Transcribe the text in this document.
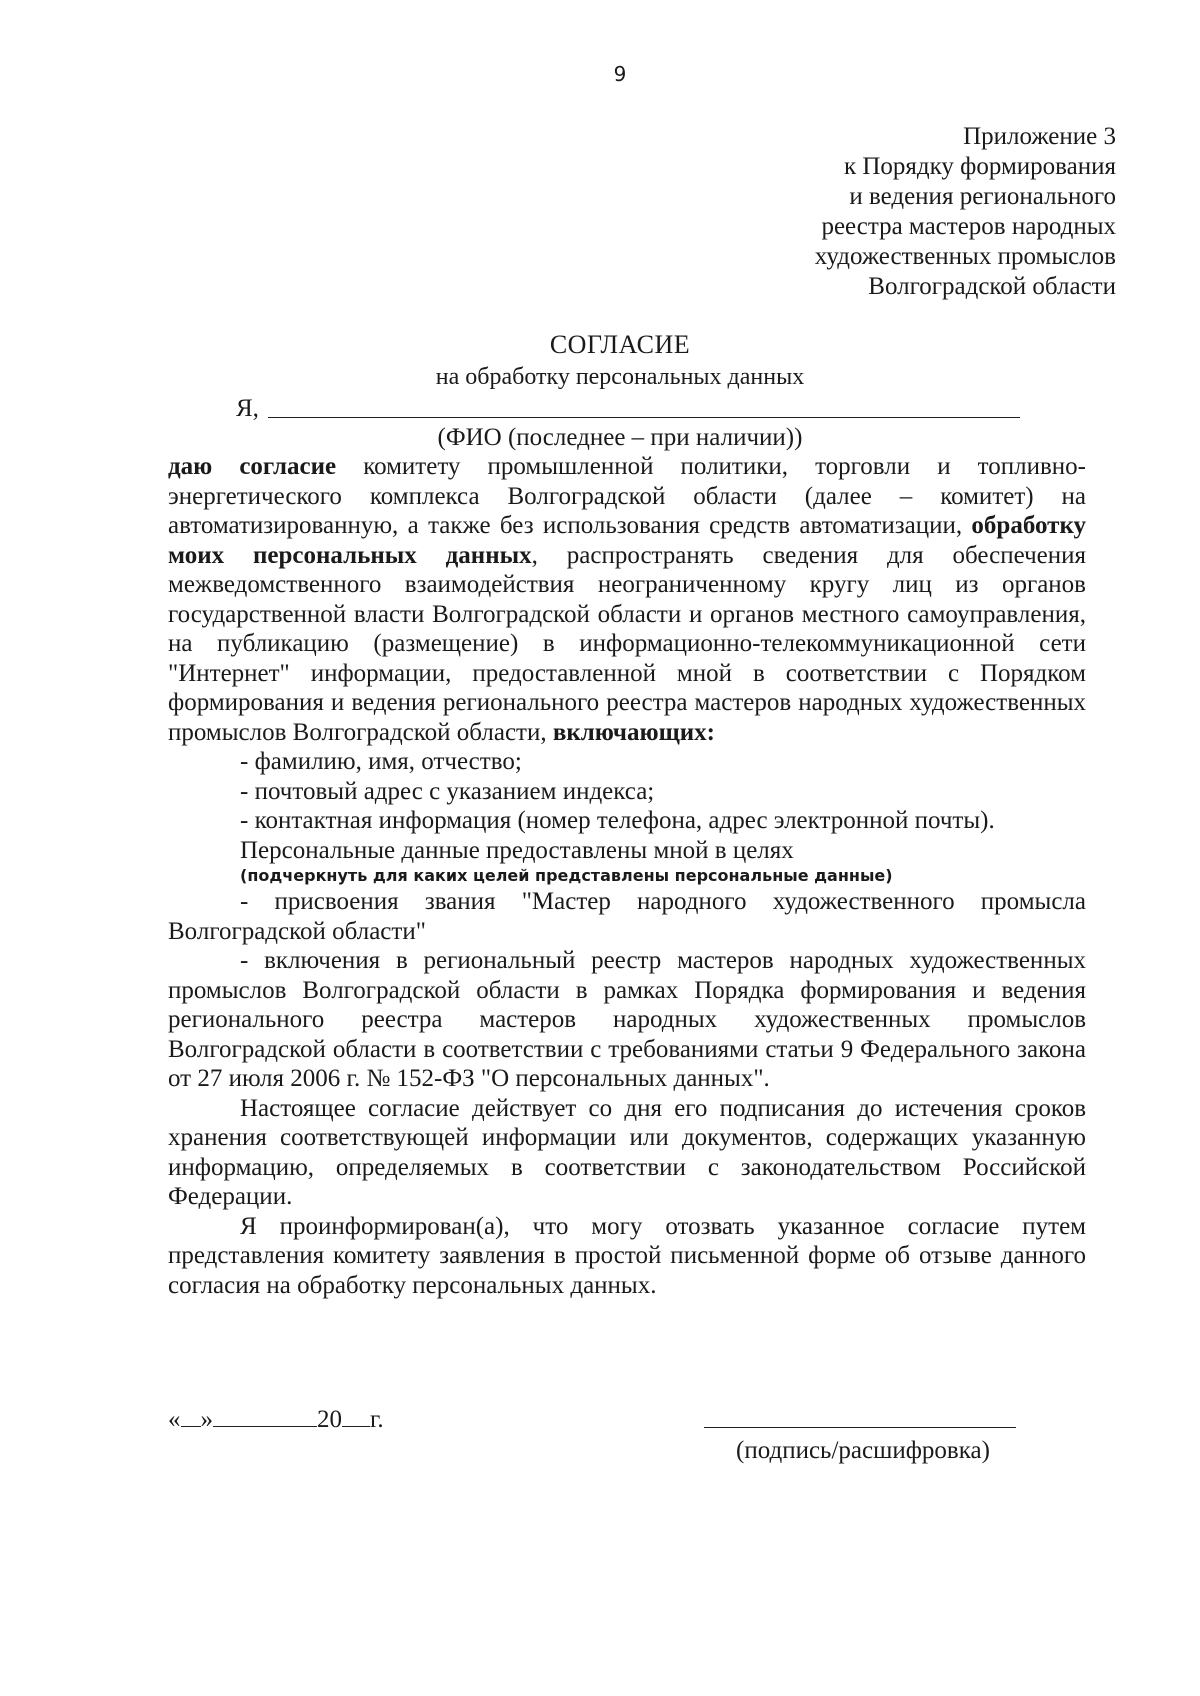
9
Приложение 3
к Порядку формирования
и ведения регионального
реестра мастеров народных
художественных промыслов
Волгоградской области
СОГЛАСИЕ
на обработку персональных данных
Я,
(ФИО (последнее – при наличии))

даю согласие комитету промышленной политики, торговли и топливно-энергетического комплекса Волгоградской области (далее – комитет) на автоматизированную, а также без использования средств автоматизации, обработку моих персональных данных, распространять сведения для обеспечения межведомственного взаимодействия неограниченному кругу лиц из органов государственной власти Волгоградской области и органов местного самоуправления, на публикацию (размещение) в информационно-телекоммуникационной сети "Интернет" информации, предоставленной мной в соответствии с Порядком формирования и ведения регионального реестра мастеров народных художественных промыслов Волгоградской области, включающих:

- фамилию, имя, отчество;

- почтовый адрес с указанием индекса;

- контактная информация (номер телефона, адрес электронной почты).

Персональные данные предоставлены мной в целях

(подчеркнуть для каких целей представлены персональные данные)

- присвоения звания "Мастер народного художественного промысла Волгоградской области"

- включения в региональный реестр мастеров народных художественных промыслов Волгоградской области в рамках Порядка формирования и ведения регионального реестра мастеров народных художественных промыслов Волгоградской области в соответствии с требованиями статьи 9 Федерального закона от 27 июля 2006 г. № 152-ФЗ "О персональных данных".

Настоящее согласие действует со дня его подписания до истечения сроков хранения соответствующей информации или документов, содержащих указанную информацию, определяемых в соответствии с законодательством Российской Федерации.

Я проинформирован(а), что могу отозвать указанное согласие путем представления комитету заявления в простой письменной форме об отзыве данного согласия на обработку персональных данных.

« »	20 г.
(подпись/расшифровка)
